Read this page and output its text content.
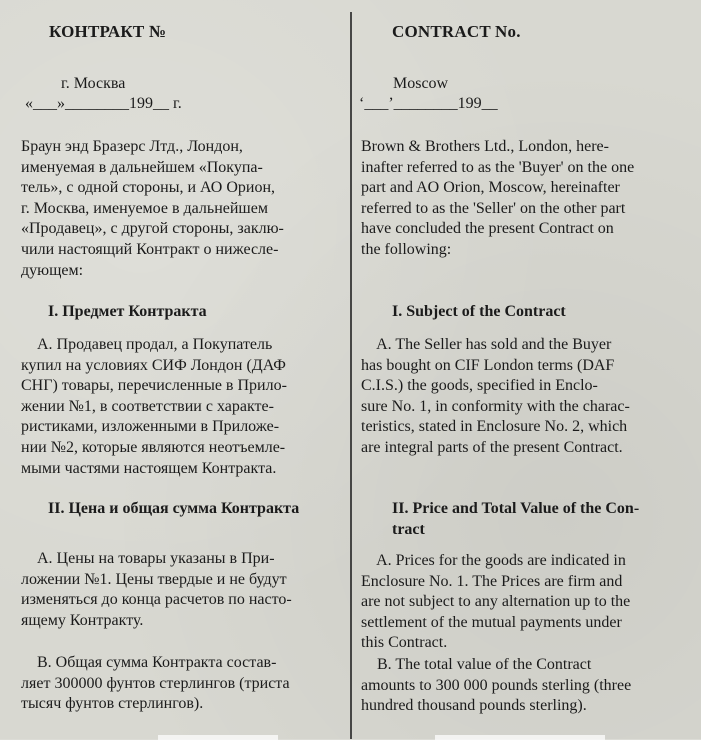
КОНТРАКТ №
г. Москва
«___»________199__ г.
Браун энд Бразерс Лтд., Лондон,
именуемая в дальнейшем «Покупа-
тель», с одной стороны, и АО Орион,
г. Москва, именуемое в дальнейшем
«Продавец», с другой стороны, заклю-
чили настоящий Контракт о нижесле-
дующем:
I. Предмет Контракта
А. Продавец продал, а Покупатель
купил на условиях СИФ Лондон (ДАФ
СНГ) товары, перечисленные в Прило-
жении №1, в соответствии с характе-
ристиками, изложенными в Приложе-
нии №2, которые являются неотъемле-
мыми частями настоящем Контракта.
II. Цена и общая сумма Контракта
А. Цены на товары указаны в При-
ложении №1. Цены твердые и не будут
изменяться до конца расчетов по насто-
ящему Контракту.
В. Общая сумма Контракта состав-
ляет 300000 фунтов стерлингов (триста
тысяч фунтов стерлингов).
CONTRACT No.
Moscow
‘___’________199__
Brown & Brothers Ltd., London, here-
inafter referred to as the 'Buyer' on the one
part and AO Orion, Moscow, hereinafter
referred to as the 'Seller' on the other part
have concluded the present Contract on
the following:
I. Subject of the Contract
A. The Seller has sold and the Buyer
has bought on CIF London terms (DAF
C.I.S.) the goods, specified in Enclo-
sure No. 1, in conformity with the charac-
teristics, stated in Enclosure No. 2, which
are integral parts of the present Contract.
II. Price and Total Value of the Con-
tract
A. Prices for the goods are indicated in
Enclosure No. 1. The Prices are firm and
are not subject to any alternation up to the
settlement of the mutual payments under
this Contract.
B. The total value of the Contract
amounts to 300 000 pounds sterling (three
hundred thousand pounds sterling).
